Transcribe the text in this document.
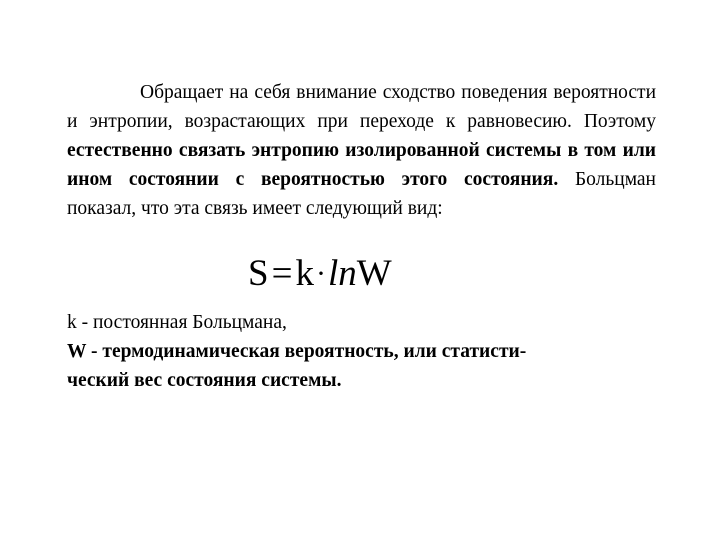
Обращает на себя внимание сходство поведения вероятности и энтропии, возрастающих при переходе к равновесию. Поэтому естественно связать энтропию изолированной системы в том или ином состоянии с вероятностью этого состояния. Больцман показал, что эта связь имеет следующий вид:

S=k·lnW

k - постоянная Больцмана,
W - термодинамическая вероятность, или статисти-
ческий вес состояния системы.
